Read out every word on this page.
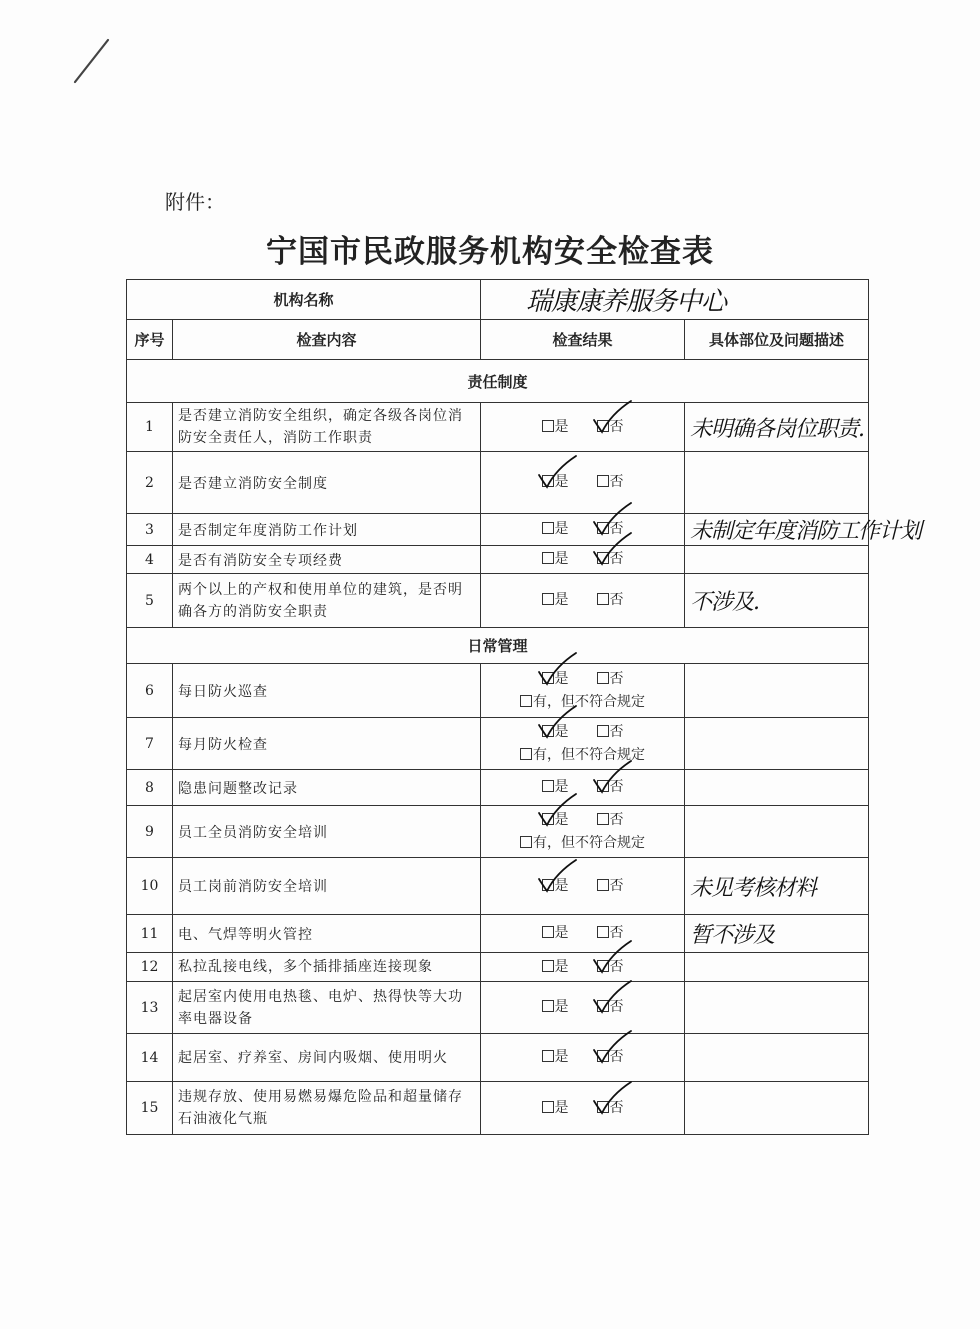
附件：
宁国市民政服务机构安全检查表
机构名称		瑞康康养服务中心	
序号	检查内容	检查结果	具体部位及问题描述
责任制度			
1	是否建立消防安全组织，确定各级各岗位消防安全责任人，消防工作职责	是 否	未明确各岗位职责.
2	是否建立消防安全制度	是 否	

3	是否制定年度消防工作计划	是 否	未制定年度消防工作计划
4	是否有消防安全专项经费	是 否	

5	两个以上的产权和使用单位的建筑，是否明确各方的消防安全职责	是 否	不涉及.
日常管理			
6	每日防火巡查	是 否
有，但不符合规定	

7	每月防火检查	是 否
有，但不符合规定	

8	隐患问题整改记录	是 否	

9	员工全员消防安全培训	是 否
有，但不符合规定	

10	员工岗前消防安全培训	是 否	未见考核材料
11	电、气焊等明火管控	是 否	暂不涉及
12	私拉乱接电线，多个插排插座连接现象	是 否	

13	起居室内使用电热毯、电炉、热得快等大功率电器设备	是 否	

14	起居室、疗养室、房间内吸烟、使用明火	是 否	

15	违规存放、使用易燃易爆危险品和超量储存石油液化气瓶	是 否	
